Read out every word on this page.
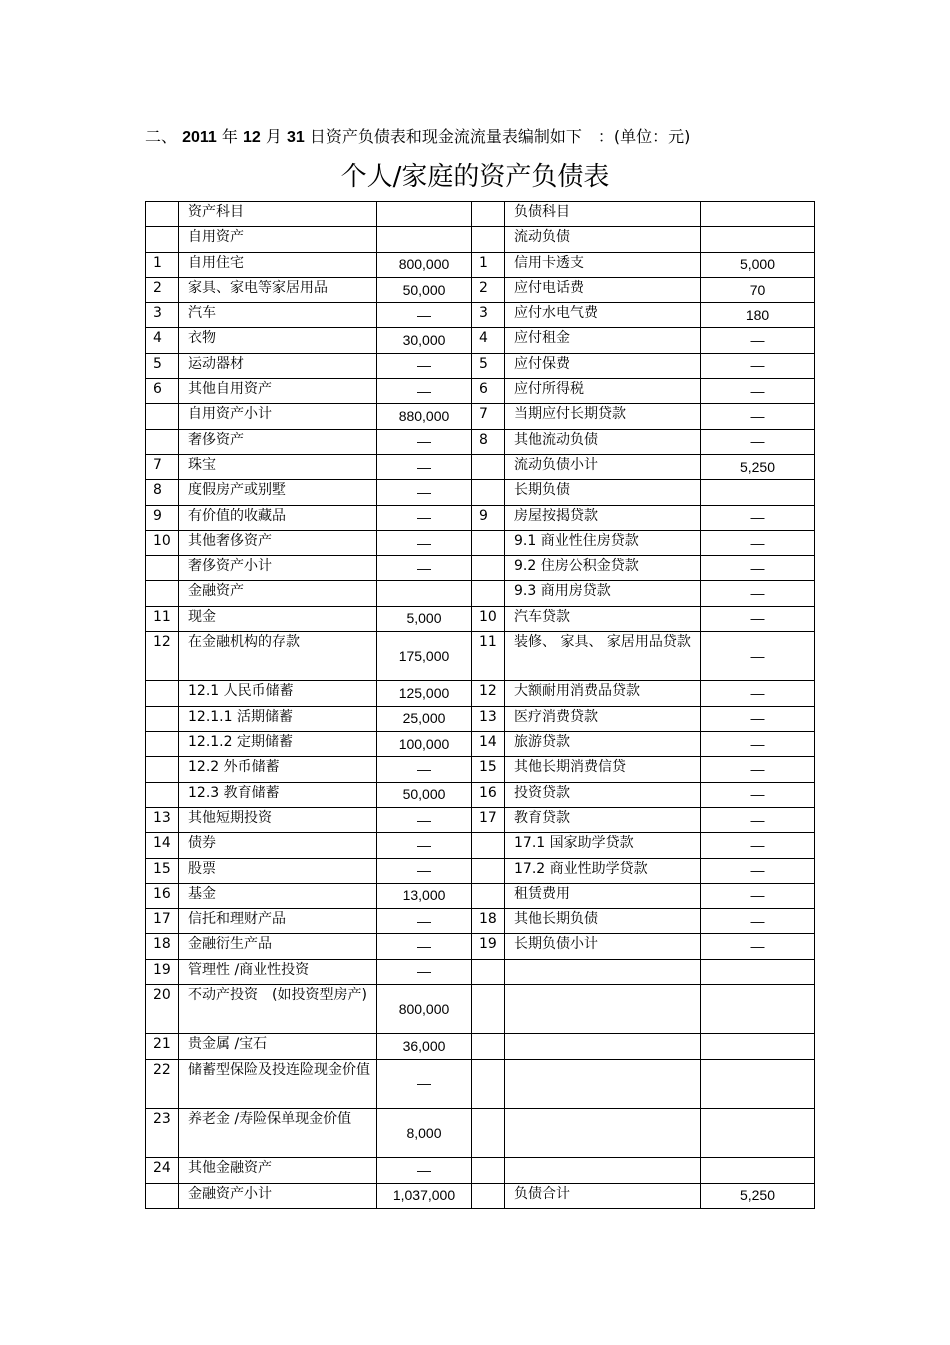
二、 2011 年 12 月 31 日资产负债表和现金流流量表编制如下　：(单位：元)
个人/家庭的资产负债表
	资产科目			负债科目	
	自用资产			流动负债	
1	自用住宅	800,000	1	信用卡透支	5,000
2	家具、家电等家居用品	50,000	2	应付电话费	70
3	汽车	—	3	应付水电气费	180
4	衣物	30,000	4	应付租金	—
5	运动器材	—	5	应付保费	—
6	其他自用资产	—	6	应付所得税	—
	自用资产小计	880,000	7	当期应付长期贷款	—
	奢侈资产	—	8	其他流动负债	—
7	珠宝	—		流动负债小计	5,250
8	度假房产或别墅	—		长期负债	
9	有价值的收藏品	—	9	房屋按揭贷款	—
10	其他奢侈资产	—		9.1 商业性住房贷款	—
	奢侈资产小计	—		9.2 住房公积金贷款	—
	金融资产			9.3 商用房贷款	—
11	现金	5,000	10	汽车贷款	—
12	在金融机构的存款	175,000	11	装修、 家具、 家居用品贷款	—
	12.1 人民币储蓄	125,000	12	大额耐用消费品贷款	—
	12.1.1 活期储蓄	25,000	13	医疗消费贷款	—
	12.1.2 定期储蓄	100,000	14	旅游贷款	—
	12.2 外币储蓄	—	15	其他长期消费信贷	—
	12.3 教育储蓄	50,000	16	投资贷款	—
13	其他短期投资	—	17	教育贷款	—
14	债券	—		17.1 国家助学贷款	—
15	股票	—		17.2 商业性助学贷款	—
16	基金	13,000		租赁费用	—
17	信托和理财产品	—	18	其他长期负债	—
18	金融衍生产品	—	19	长期负债小计	—
19	管理性 /商业性投资	—			
20	不动产投资　(如投资型房产)	800,000			
21	贵金属 /宝石	36,000			
22	储蓄型保险及投连险现金价值	—			
23	养老金 /寿险保单现金价值	8,000			
24	其他金融资产	—			
	金融资产小计	1,037,000		负债合计	5,250
